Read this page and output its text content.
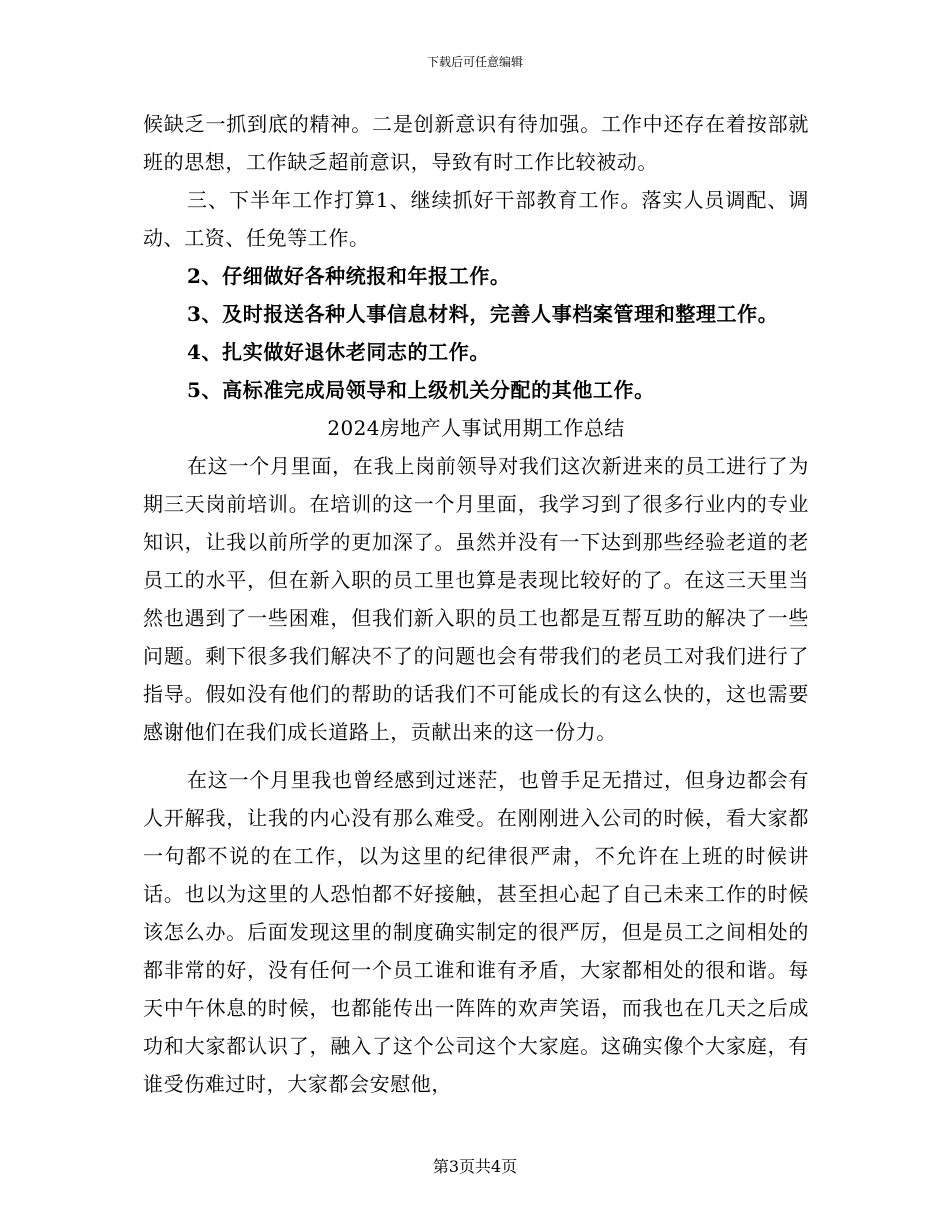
下载后可任意编辑

候缺乏一抓到底的精神。二是创新意识有待加强。工作中还存在着按部就班的思想，工作缺乏超前意识，导致有时工作比较被动。

三、下半年工作打算1、继续抓好干部教育工作。落实人员调配、调动、工资、任免等工作。

2、仔细做好各种统报和年报工作。

3、及时报送各种人事信息材料，完善人事档案管理和整理工作。

4、扎实做好退休老同志的工作。

5、高标准完成局领导和上级机关分配的其他工作。

2024房地产人事试用期工作总结

在这一个月里面，在我上岗前领导对我们这次新进来的员工进行了为期三天岗前培训。在培训的这一个月里面，我学习到了很多行业内的专业知识，让我以前所学的更加深了。虽然并没有一下达到那些经验老道的老员工的水平，但在新入职的员工里也算是表现比较好的了。在这三天里当然也遇到了一些困难，但我们新入职的员工也都是互帮互助的解决了一些问题。剩下很多我们解决不了的问题也会有带我们的老员工对我们进行了指导。假如没有他们的帮助的话我们不可能成长的有这么快的，这也需要感谢他们在我们成长道路上，贡献出来的这一份力。

在这一个月里我也曾经感到过迷茫，也曾手足无措过，但身边都会有人开解我，让我的内心没有那么难受。在刚刚进入公司的时候，看大家都一句都不说的在工作，以为这里的纪律很严肃，不允许在上班的时候讲话。也以为这里的人恐怕都不好接触，甚至担心起了自己未来工作的时候该怎么办。后面发现这里的制度确实制定的很严厉，但是员工之间相处的都非常的好，没有任何一个员工谁和谁有矛盾，大家都相处的很和谐。每天中午休息的时候，也都能传出一阵阵的欢声笑语，而我也在几天之后成功和大家都认识了，融入了这个公司这个大家庭。这确实像个大家庭，有谁受伤难过时，大家都会安慰他，

第3页共4页
